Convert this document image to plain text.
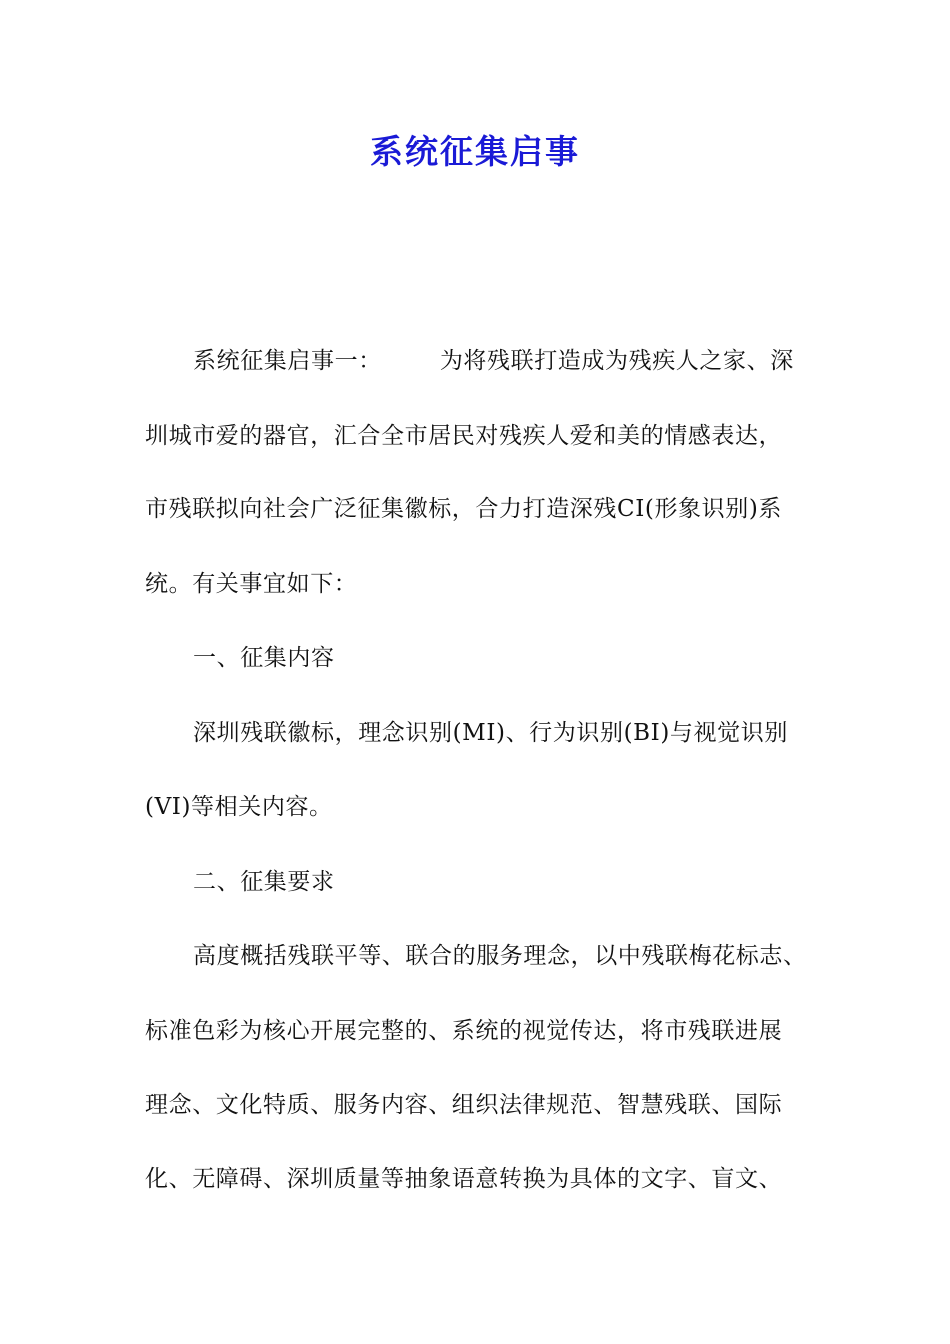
系统征集启事

系统征集启事一：	为将残联打造成为残疾人之家、深

圳城市爱的器官，汇合全市居民对残疾人爱和美的情感表达，

市残联拟向社会广泛征集徽标，合力打造深残CI(形象识别)系

统。有关事宜如下：

一、征集内容

深圳残联徽标，理念识别(MI)、行为识别(BI)与视觉识别

(VI)等相关内容。

二、征集要求

高度概括残联平等、联合的服务理念，以中残联梅花标志、

标准色彩为核心开展完整的、系统的视觉传达，将市残联进展

理念、文化特质、服务内容、组织法律规范、智慧残联、国际

化、无障碍、深圳质量等抽象语意转换为具体的文字、盲文、
